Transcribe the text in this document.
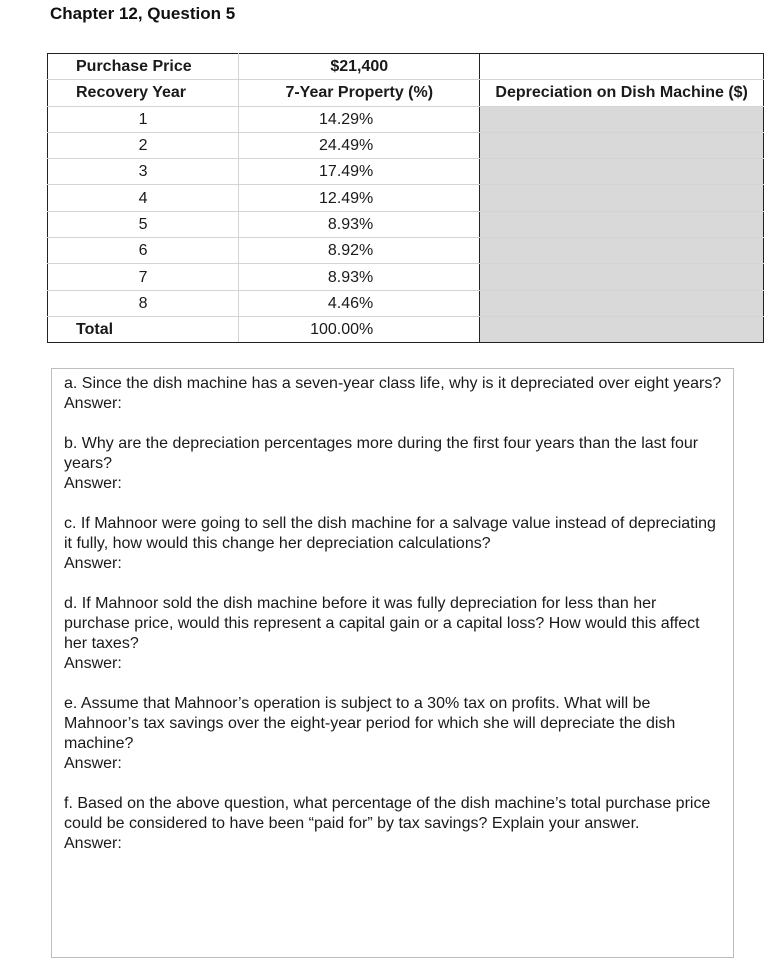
Chapter 12, Question 5
Purchase Price	$21,400	
Recovery Year	7-Year Property (%)	Depreciation on Dish Machine ($)
1	14.29%	
2	24.49%	
3	17.49%	
4	12.49%	
5	8.93%	
6	8.92%	
7	8.93%	
8	4.46%	
Total	100.00%	

a. Since the dish machine has a seven-year class life, why is it depreciated over eight years?

Answer:

b. Why are the depreciation percentages more during the first four years than the last four years?

Answer:

c. If Mahnoor were going to sell the dish machine for a salvage value instead of depreciating it fully, how would this change her depreciation calculations?

Answer:

d. If Mahnoor sold the dish machine before it was fully depreciation for less than her purchase price, would this represent a capital gain or a capital loss? How would this affect her taxes?

Answer:

e. Assume that Mahnoor’s operation is subject to a 30% tax on profits. What will be Mahnoor’s tax savings over the eight-year period for which she will depreciate the dish machine?

Answer:

f. Based on the above question, what percentage of the dish machine’s total purchase price could be considered to have been “paid for” by tax savings? Explain your answer.

Answer:
